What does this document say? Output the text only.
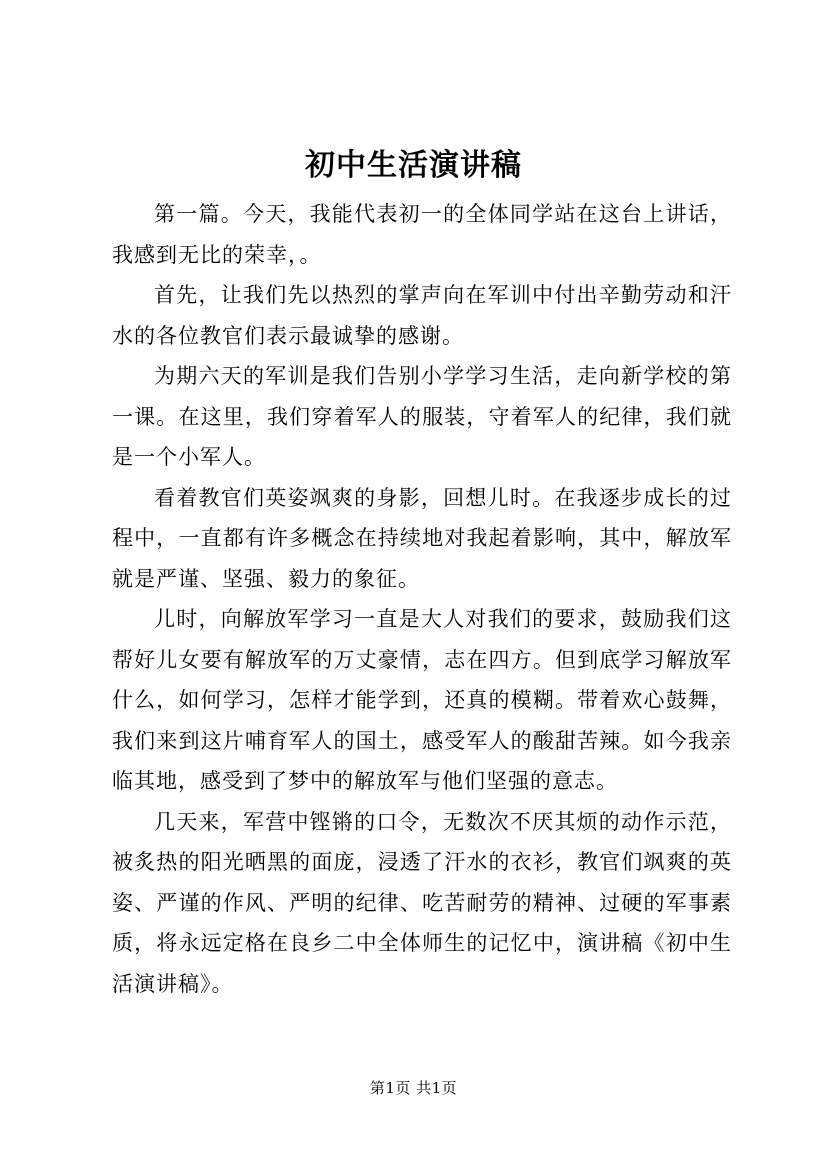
初中生活演讲稿

第一篇。今天，我能代表初一的全体同学站在这台上讲话，我感到无比的荣幸，。

首先，让我们先以热烈的掌声向在军训中付出辛勤劳动和汗水的各位教官们表示最诚挚的感谢。

为期六天的军训是我们告别小学学习生活，走向新学校的第一课。在这里，我们穿着军人的服装，守着军人的纪律，我们就是一个小军人。

看着教官们英姿飒爽的身影，回想儿时。在我逐步成长的过程中，一直都有许多概念在持续地对我起着影响，其中，解放军就是严谨、坚强、毅力的象征。

儿时，向解放军学习一直是大人对我们的要求，鼓励我们这帮好儿女要有解放军的万丈豪情，志在四方。但到底学习解放军什么，如何学习，怎样才能学到，还真的模糊。带着欢心鼓舞，我们来到这片哺育军人的国土，感受军人的酸甜苦辣。如今我亲临其地，感受到了梦中的解放军与他们坚强的意志。

几天来，军营中铿锵的口令，无数次不厌其烦的动作示范，被炙热的阳光晒黑的面庞，浸透了汗水的衣衫，教官们飒爽的英姿、严谨的作风、严明的纪律、吃苦耐劳的精神、过硬的军事素质，将永远定格在良乡二中全体师生的记忆中，演讲稿《初中生活演讲稿》。

第1页 共1页
